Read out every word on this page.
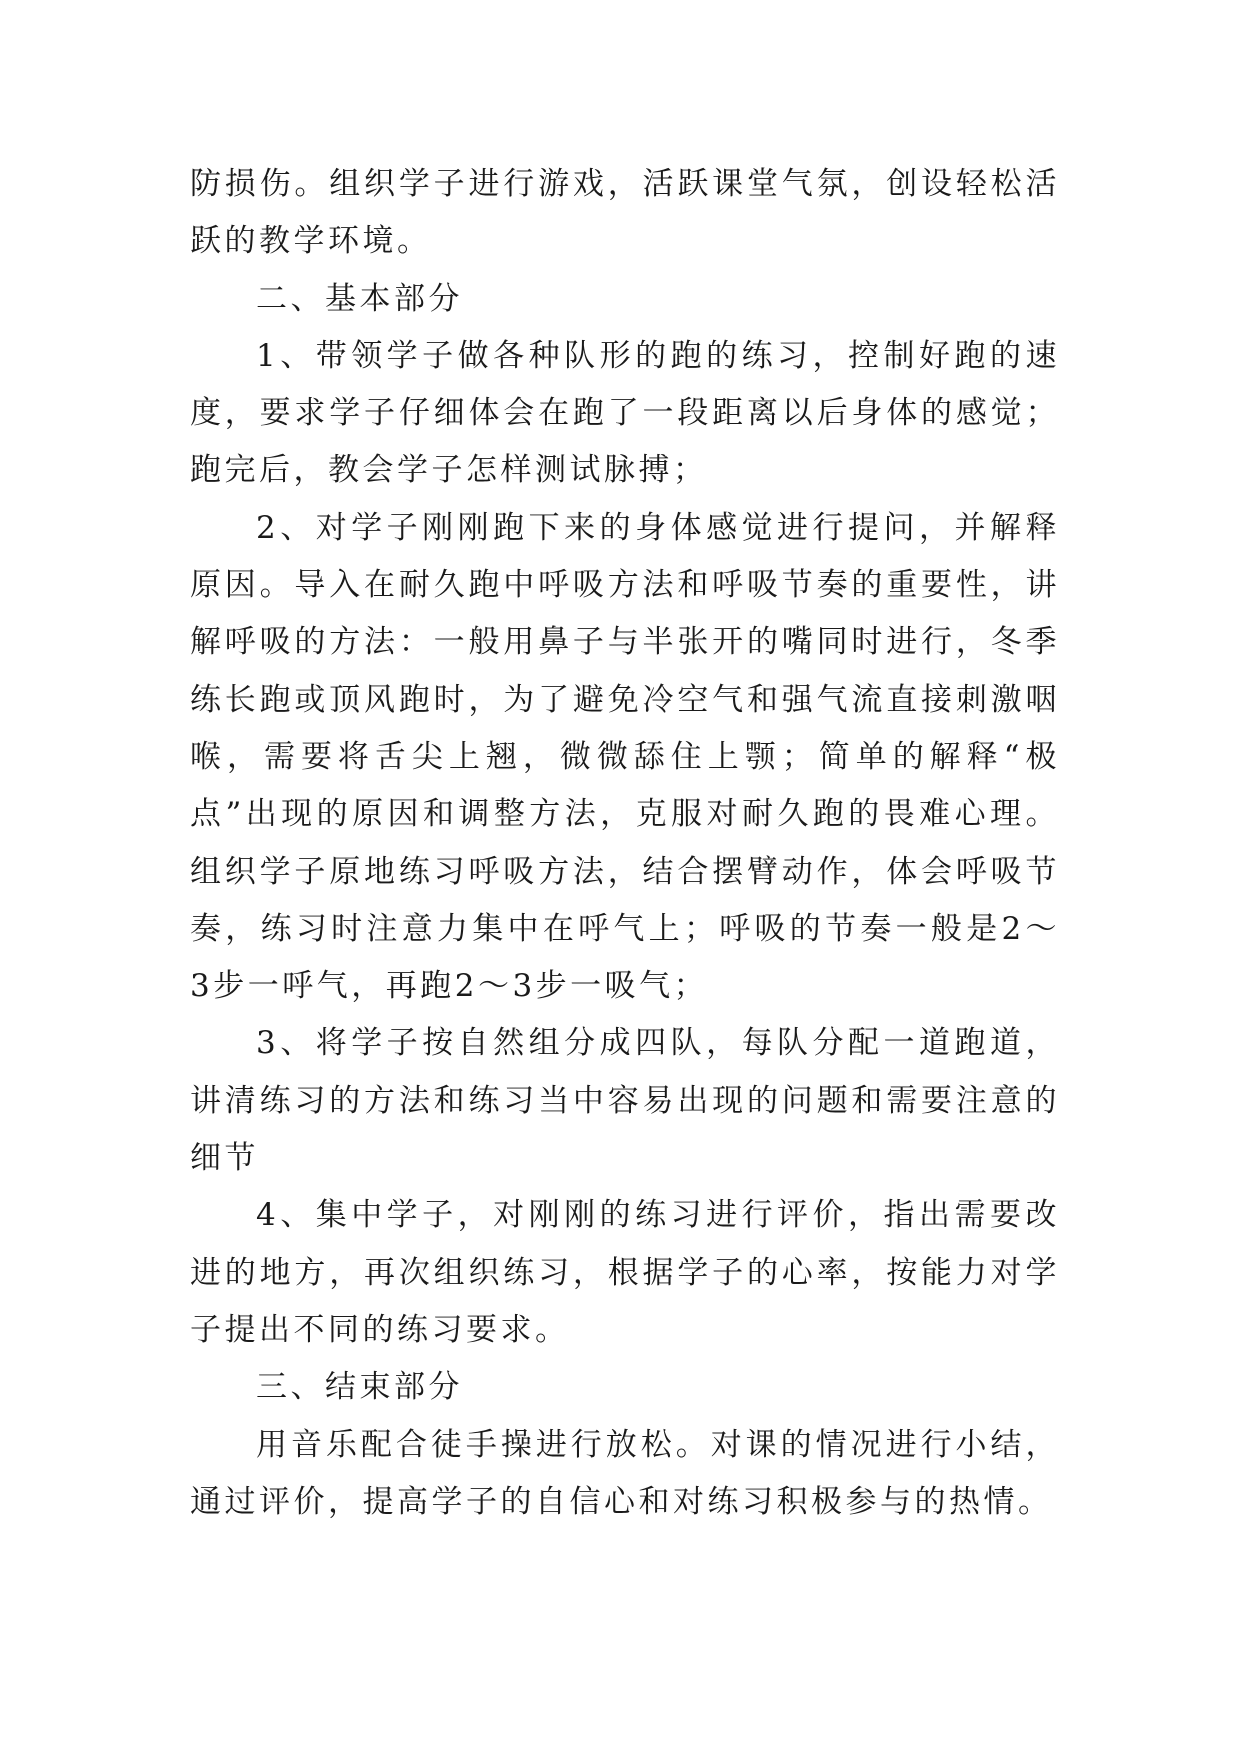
防损伤。组织学子进行游戏，活跃课堂气氛，创设轻松活跃的教学环境。

二、基本部分

1、带领学子做各种队形的跑的练习，控制好跑的速度，要求学子仔细体会在跑了一段距离以后身体的感觉；跑完后，教会学子怎样测试脉搏；

2、对学子刚刚跑下来的身体感觉进行提问，并解释原因。导入在耐久跑中呼吸方法和呼吸节奏的重要性，讲解呼吸的方法：一般用鼻子与半张开的嘴同时进行，冬季练长跑或顶风跑时，为了避免冷空气和强气流直接刺激咽喉，需要将舌尖上翘，微微舔住上颚；简单的解释“极点”出现的原因和调整方法，克服对耐久跑的畏难心理。组织学子原地练习呼吸方法，结合摆臂动作，体会呼吸节奏，练习时注意力集中在呼气上；呼吸的节奏一般是2～3步一呼气，再跑2～3步一吸气；

3、将学子按自然组分成四队，每队分配一道跑道，讲清练习的方法和练习当中容易出现的问题和需要注意的细节

4、集中学子，对刚刚的练习进行评价，指出需要改进的地方，再次组织练习，根据学子的心率，按能力对学子提出不同的练习要求。

三、结束部分

用音乐配合徒手操进行放松。对课的情况进行小结，通过评价，提高学子的自信心和对练习积极参与的热情。
